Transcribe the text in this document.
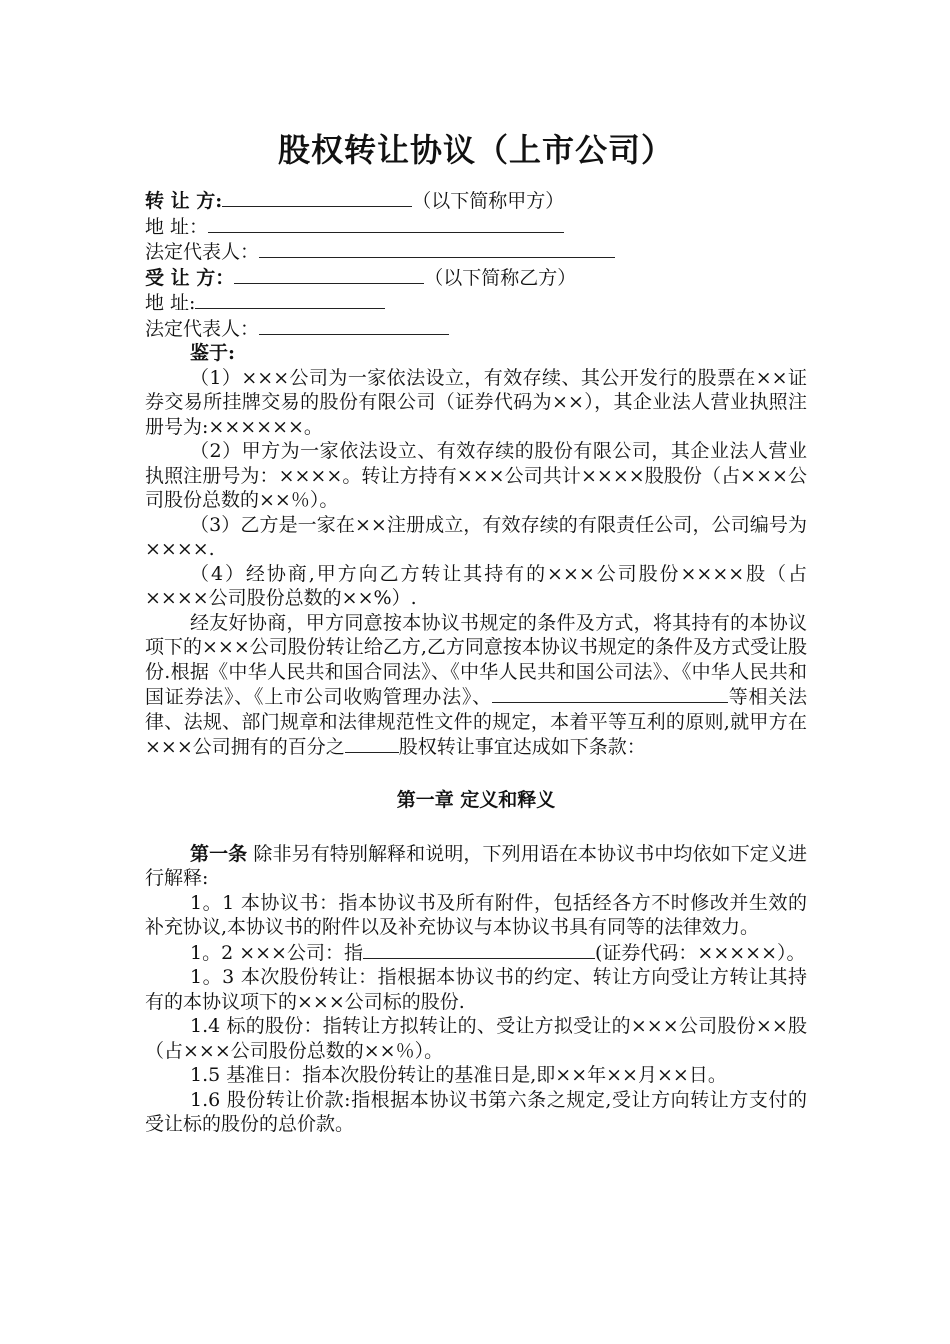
股权转让协议（上市公司）
转 让 方:	（以下简称甲方）
地 址：
法定代表人：
受 让 方：	（以下简称乙方）
地 址:
法定代表人：
鉴于:

（1）×××公司为一家依法设立，有效存续、其公开发行的股票在××证券交易所挂牌交易的股份有限公司（证券代码为××），其企业法人营业执照注册号为:××××××。

（2）甲方为一家依法设立、有效存续的股份有限公司，其企业法人营业执照注册号为：××××。转让方持有×××公司共计××××股股份（占×××公司股份总数的××％）。

（3）乙方是一家在××注册成立，有效存续的有限责任公司，公司编号为××××.

（4）经协商,甲方向乙方转让其持有的×××公司股份××××股（占××××公司股份总数的××%）.

经友好协商，甲方同意按本协议书规定的条件及方式，将其持有的本协议项下的×××公司股份转让给乙方,乙方同意按本协议书规定的条件及方式受让股份.根据《中华人民共和国合同法》、《中华人民共和国公司法》、《中华人民共和国证券法》、《上市公司收购管理办法》、	等相关法律、法规、部门规章和法律规范性文件的规定，本着平等互利的原则,就甲方在×××公司拥有的百分之	股权转让事宜达成如下条款：

第一章 定义和释义

第一条 除非另有特别解释和说明，下列用语在本协议书中均依如下定义进行解释:

1。1 本协议书：指本协议书及所有附件，包括经各方不时修改并生效的补充协议,本协议书的附件以及补充协议与本协议书具有同等的法律效力。

1。2 ×××公司：指	(证券代码：×××××）。

1。3 本次股份转让：指根据本协议书的约定、转让方向受让方转让其持有的本协议项下的×××公司标的股份.

1.4 标的股份：指转让方拟转让的、受让方拟受让的×××公司股份××股（占×××公司股份总数的××％）。

1.5 基准日：指本次股份转让的基准日是,即××年××月××日。

1.6 股份转让价款:指根据本协议书第六条之规定,受让方向转让方支付的受让标的股份的总价款。
